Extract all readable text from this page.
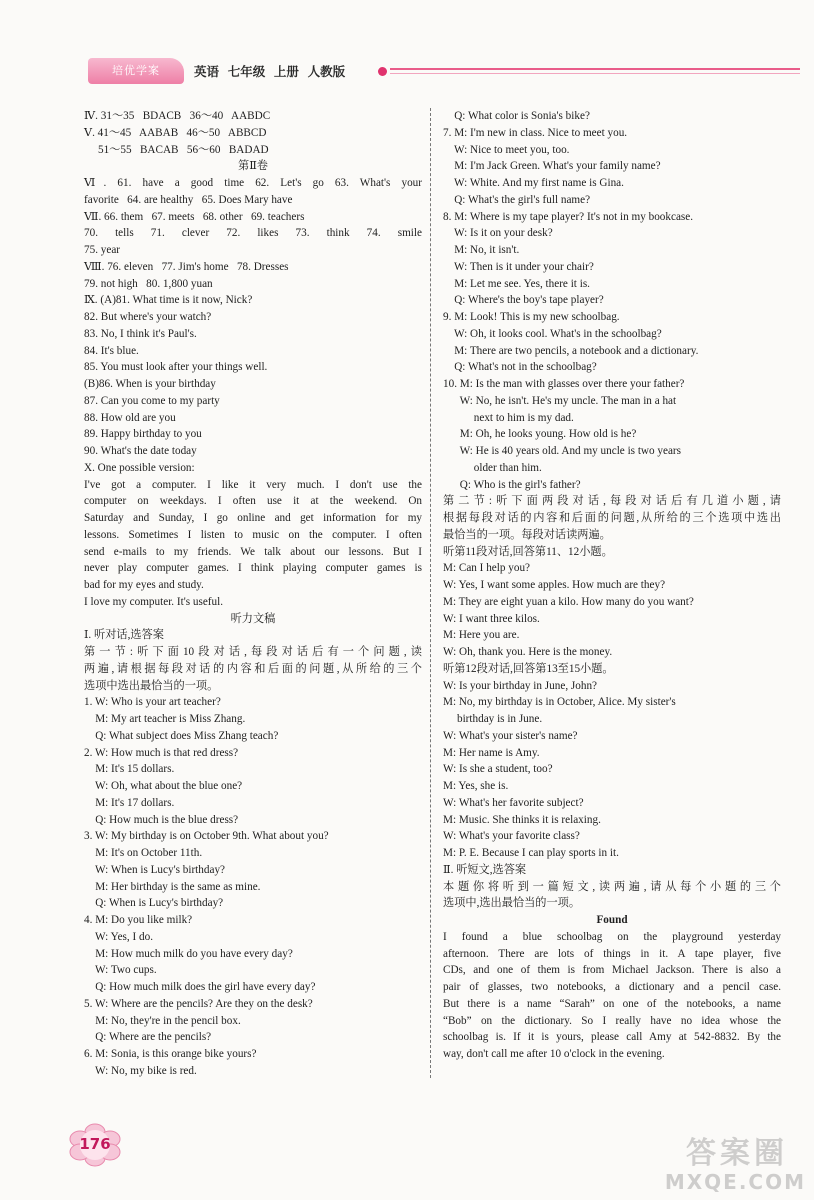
培优学案	英语  七年级  上册  人教版
Ⅳ. 31～35   BDACB   36～40   AABDC
Ⅴ. 41～45   AABAB   46～50   ABBCD
51～55   BACAB   56～60   BADAD
第Ⅱ卷
Ⅵ. 61. have a good time 62. Let's go 63. What's your
favorite   64. are healthy   65. Does Mary have
Ⅶ. 66. them   67. meets   68. other   69. teachers
70. tells 71. clever 72. likes 73. think 74. smile
75. year
Ⅷ. 76. eleven   77. Jim's home   78. Dresses
79. not high   80. 1,800 yuan
Ⅸ. (A)81. What time is it now, Nick?
82. But where's your watch?
83. No, I think it's Paul's.
84. It's blue.
85. You must look after your things well.
(B)86. When is your birthday
87. Can you come to my party
88. How old are you
89. Happy birthday to you
90. What's the date today
X. One possible version:
I've got a computer. I like it very much. I don't use the
computer on weekdays. I often use it at the weekend. On
Saturday and Sunday, I go online and get information for my
lessons. Sometimes I listen to music on the computer. I often
send e-mails to my friends. We talk about our lessons. But I
never play computer games. I think playing computer games is
bad for my eyes and study.
I love my computer. It's useful.
听力文稿
Ⅰ. 听对话,选答案
第一节:听下面10段对话,每段对话后有一个问题,读
两遍,请根据每段对话的内容和后面的问题,从所给的三个
选项中选出最恰当的一项。
1. W: Who is your art teacher?
M: My art teacher is Miss Zhang.
Q: What subject does Miss Zhang teach?
2. W: How much is that red dress?
M: It's 15 dollars.
W: Oh, what about the blue one?
M: It's 17 dollars.
Q: How much is the blue dress?
3. W: My birthday is on October 9th. What about you?
M: It's on October 11th.
W: When is Lucy's birthday?
M: Her birthday is the same as mine.
Q: When is Lucy's birthday?
4. M: Do you like milk?
W: Yes, I do.
M: How much milk do you have every day?
W: Two cups.
Q: How much milk does the girl have every day?
5. W: Where are the pencils? Are they on the desk?
M: No, they're in the pencil box.
Q: Where are the pencils?
6. M: Sonia, is this orange bike yours?
W: No, my bike is red.
Q: What color is Sonia's bike?
7. M: I'm new in class. Nice to meet you.
W: Nice to meet you, too.
M: I'm Jack Green. What's your family name?
W: White. And my first name is Gina.
Q: What's the girl's full name?
8. M: Where is my tape player? It's not in my bookcase.
W: Is it on your desk?
M: No, it isn't.
W: Then is it under your chair?
M: Let me see. Yes, there it is.
Q: Where's the boy's tape player?
9. M: Look! This is my new schoolbag.
W: Oh, it looks cool. What's in the schoolbag?
M: There are two pencils, a notebook and a dictionary.
Q: What's not in the schoolbag?
10. M: Is the man with glasses over there your father?
W: No, he isn't. He's my uncle. The man in a hat
next to him is my dad.
M: Oh, he looks young. How old is he?
W: He is 40 years old. And my uncle is two years
older than him.
Q: Who is the girl's father?
第二节:听下面两段对话,每段对话后有几道小题,请
根据每段对话的内容和后面的问题,从所给的三个选项中选出
最恰当的一项。每段对话读两遍。
听第11段对话,回答第11、12小题。
M: Can I help you?
W: Yes, I want some apples. How much are they?
M: They are eight yuan a kilo. How many do you want?
W: I want three kilos.
M: Here you are.
W: Oh, thank you. Here is the money.
听第12段对话,回答第13至15小题。
W: Is your birthday in June, John?
M: No, my birthday is in October, Alice. My sister's
birthday is in June.
W: What's your sister's name?
M: Her name is Amy.
W: Is she a student, too?
M: Yes, she is.
W: What's her favorite subject?
M: Music. She thinks it is relaxing.
W: What's your favorite class?
M: P. E. Because I can play sports in it.
Ⅱ. 听短文,选答案
本题你将听到一篇短文,读两遍,请从每个小题的三个
选项中,选出最恰当的一项。
Found
I found a blue schoolbag on the playground yesterday
afternoon. There are lots of things in it. A tape player, five
CDs, and one of them is from Michael Jackson. There is also a
pair of glasses, two notebooks, a dictionary and a pencil case.
But there is a name “Sarah” on one of the notebooks, a name
“Bob” on the dictionary. So I really have no idea whose the
schoolbag is. If it is yours, please call Amy at 542-8832. By the
way, don't call me after 10 o'clock in the evening.
176	答案圈
MXQE.COM
